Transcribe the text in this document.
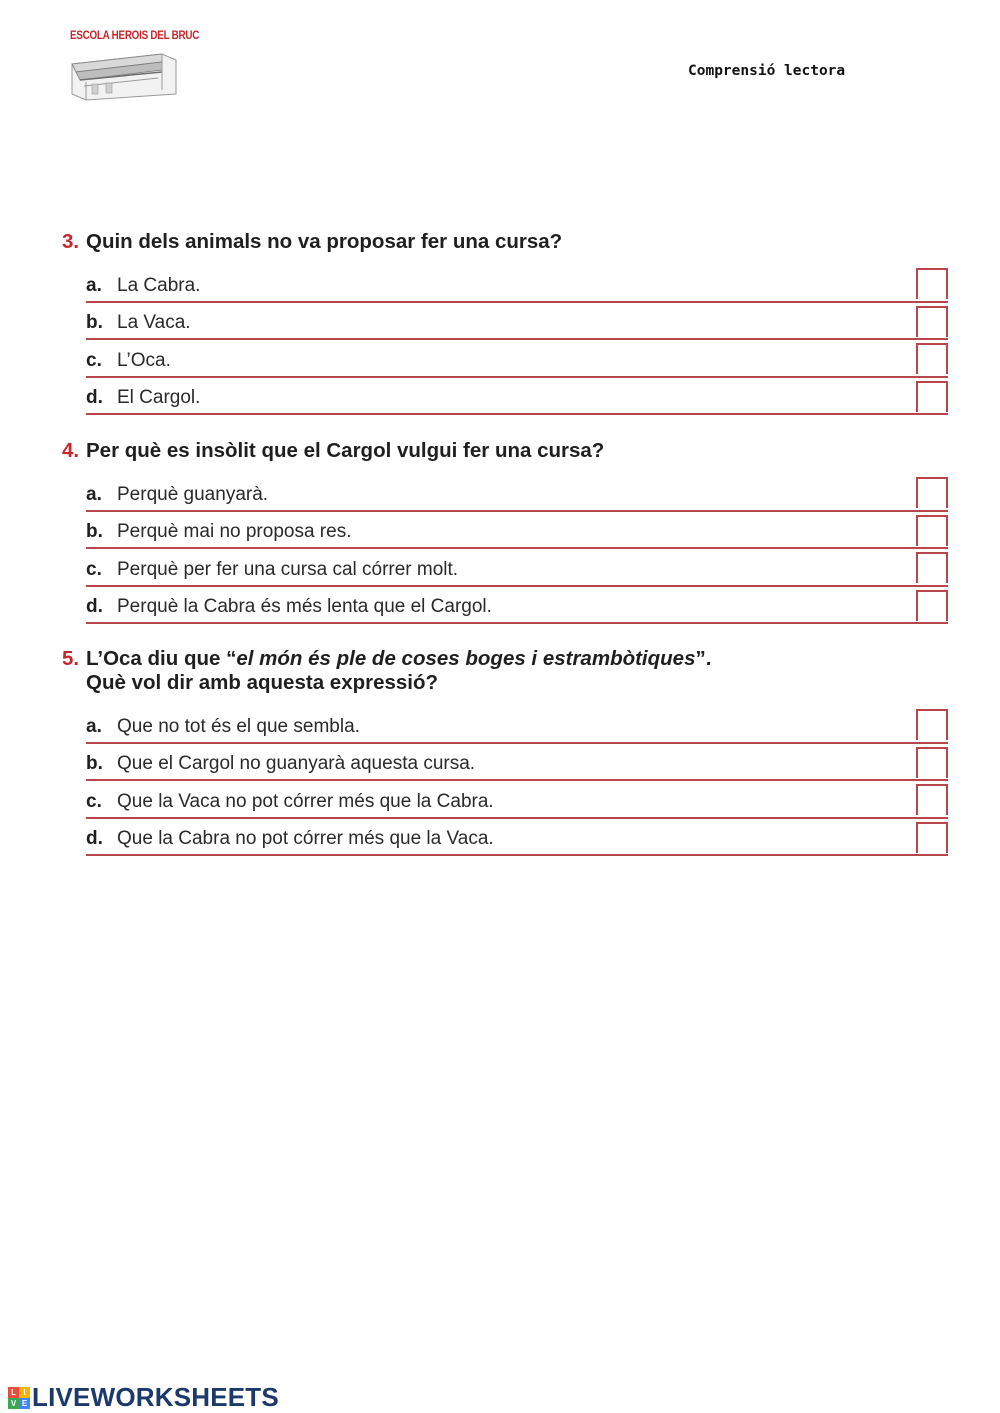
ESCOLA HEROIS DEL BRUC
Comprensió lectora
3. Quin dels animals no va proposar fer una cursa?
a. La Cabra.
b. La Vaca.
c. L’Oca.
d. El Cargol.
4. Per què es insòlit que el Cargol vulgui fer una cursa?
a. Perquè guanyarà.
b. Perquè mai no proposa res.
c. Perquè per fer una cursa cal córrer molt.
d. Perquè la Cabra és més lenta que el Cargol.
5. L’Oca diu que “el món és ple de coses boges i estrambòtiques”.
Què vol dir amb aquesta expressió?
a. Que no tot és el que sembla.
b. Que el Cargol no guanyarà aquesta cursa.
c. Que la Vaca no pot córrer més que la Cabra.
d. Que la Cabra no pot córrer més que la Vaca.
L I
V E LIVEWORKSHEETS
